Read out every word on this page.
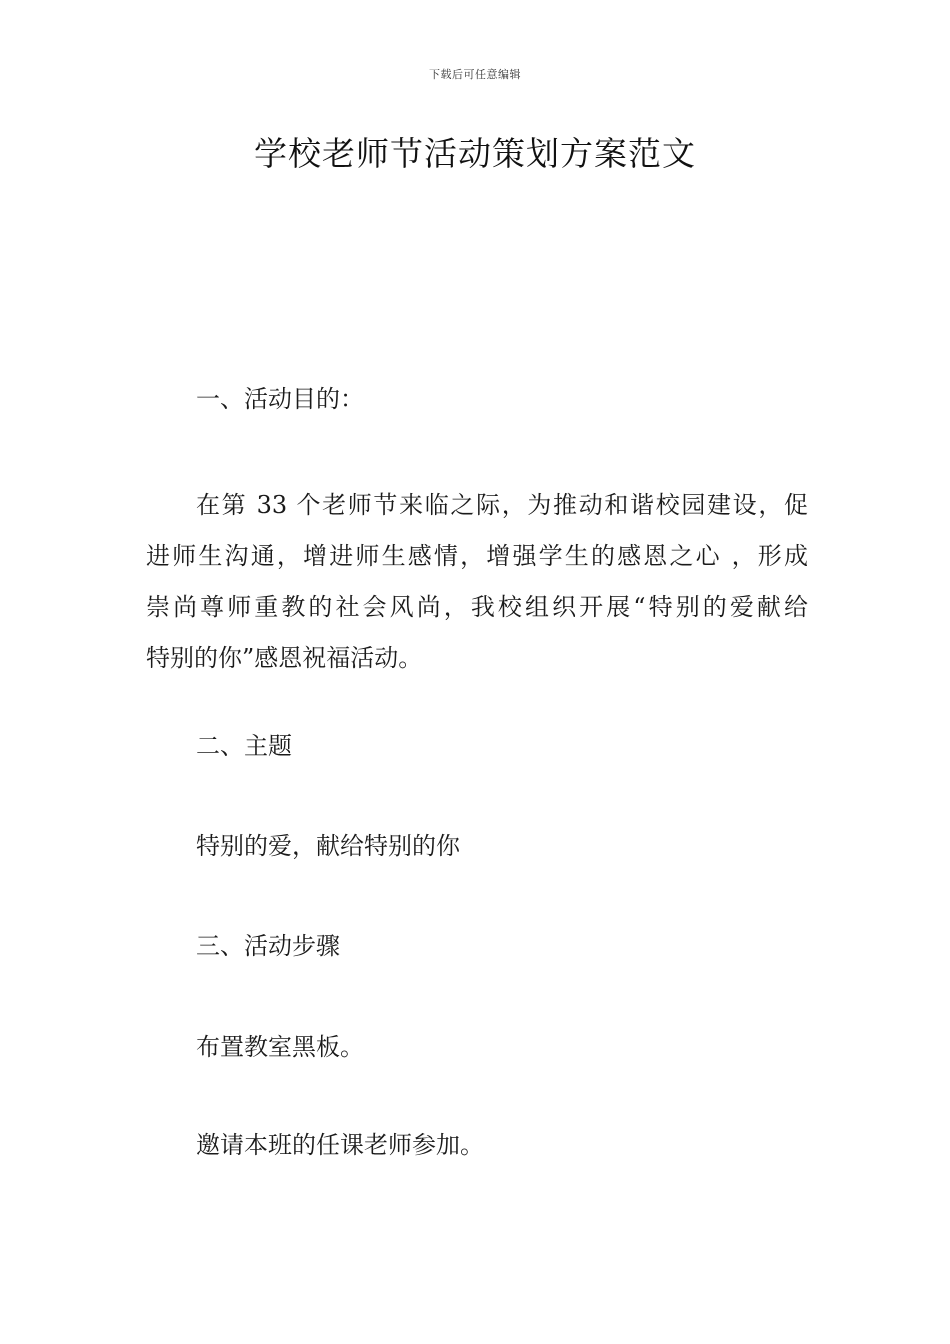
下载后可任意编辑
学校老师节活动策划方案范文

一、活动目的：

在第 33 个老师节来临之际，为推动和谐校园建设，促
进师生沟通，增进师生感情，增强学生的感恩之心 ，形成
崇尚尊师重教的社会风尚，我校组织开展“特别的爱献给
特别的你”感恩祝福活动。

二、主题

特别的爱，献给特别的你

三、活动步骤

布置教室黑板。

邀请本班的任课老师参加。
